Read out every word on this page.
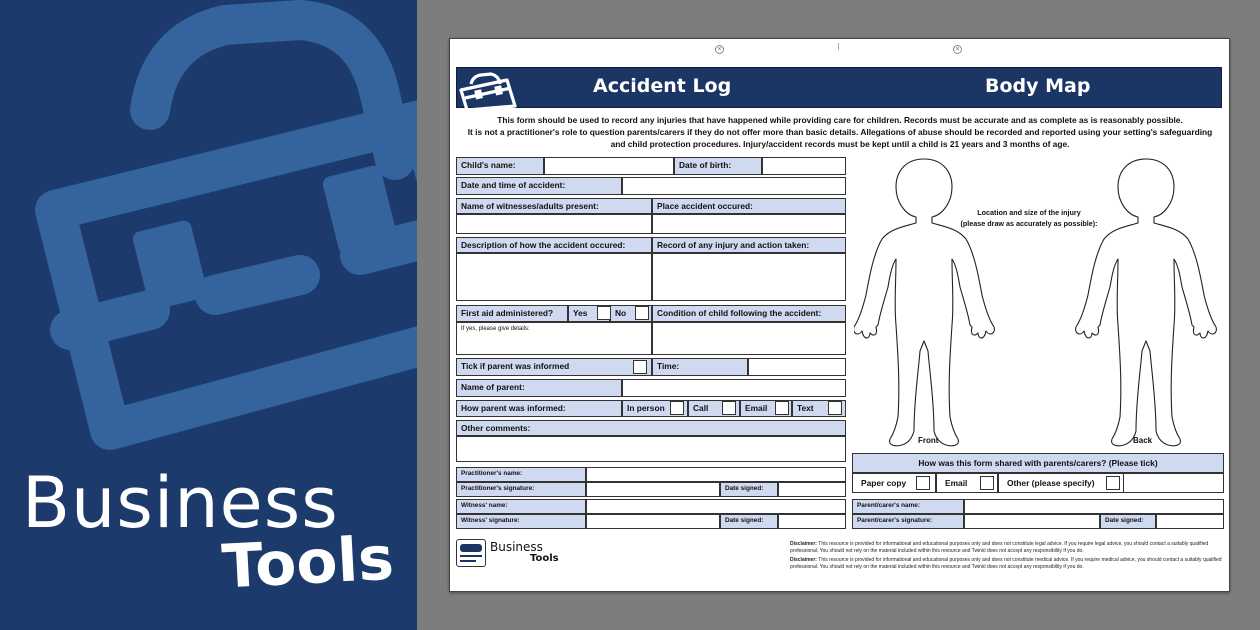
Business
Tools
×	×
Accident Log	Body Map
This form should be used to record any injuries that have happened while providing care for children. Records must be accurate and as complete as is reasonably possible.
It is not a practitioner's role to question parents/carers if they do not offer more than basic details. Allegations of abuse should be recorded and reported using your setting's safeguarding
and child protection procedures. Injury/accident records must be kept until a child is 21 years and 3 months of age.
Child's name:	Date of birth:
Date and time of accident:
Name of witnesses/adults present:	Place accident occured:
Description of how the accident occured:	Record of any injury and action taken:
First aid administered?	Yes	No
If yes, please give details:
Condition of child following the accident:
Tick if parent was informed	Time:
Name of parent:
How parent was informed:	In person	Call	Email	Text
Other comments:
Practitioner's name:
Practitioner's signature:	Date signed:
Witness' name:
Witness' signature:	Date signed:
Location and size of the injury
(please draw as accurately as possible):
Front	Back
How was this form shared with parents/carers? (Please tick)
Paper copy	Email	Other (please specify)
Parent/carer's name:
Parent/carer's signature:	Date signed:
Business
Tools
Disclaimer: This resource is provided for informational and educational purposes only and does not constitute legal advice. If you require legal advice, you should contact a suitably qualified professional. You should not rely on the material included within this resource and Twinkl does not accept any responsibility if you do.
Disclaimer: This resource is provided for informational and educational purposes only and does not constitute medical advice. If you require medical advice, you should contact a suitably qualified professional. You should not rely on the material included within this resource and Twinkl does not accept any responsibility if you do.
